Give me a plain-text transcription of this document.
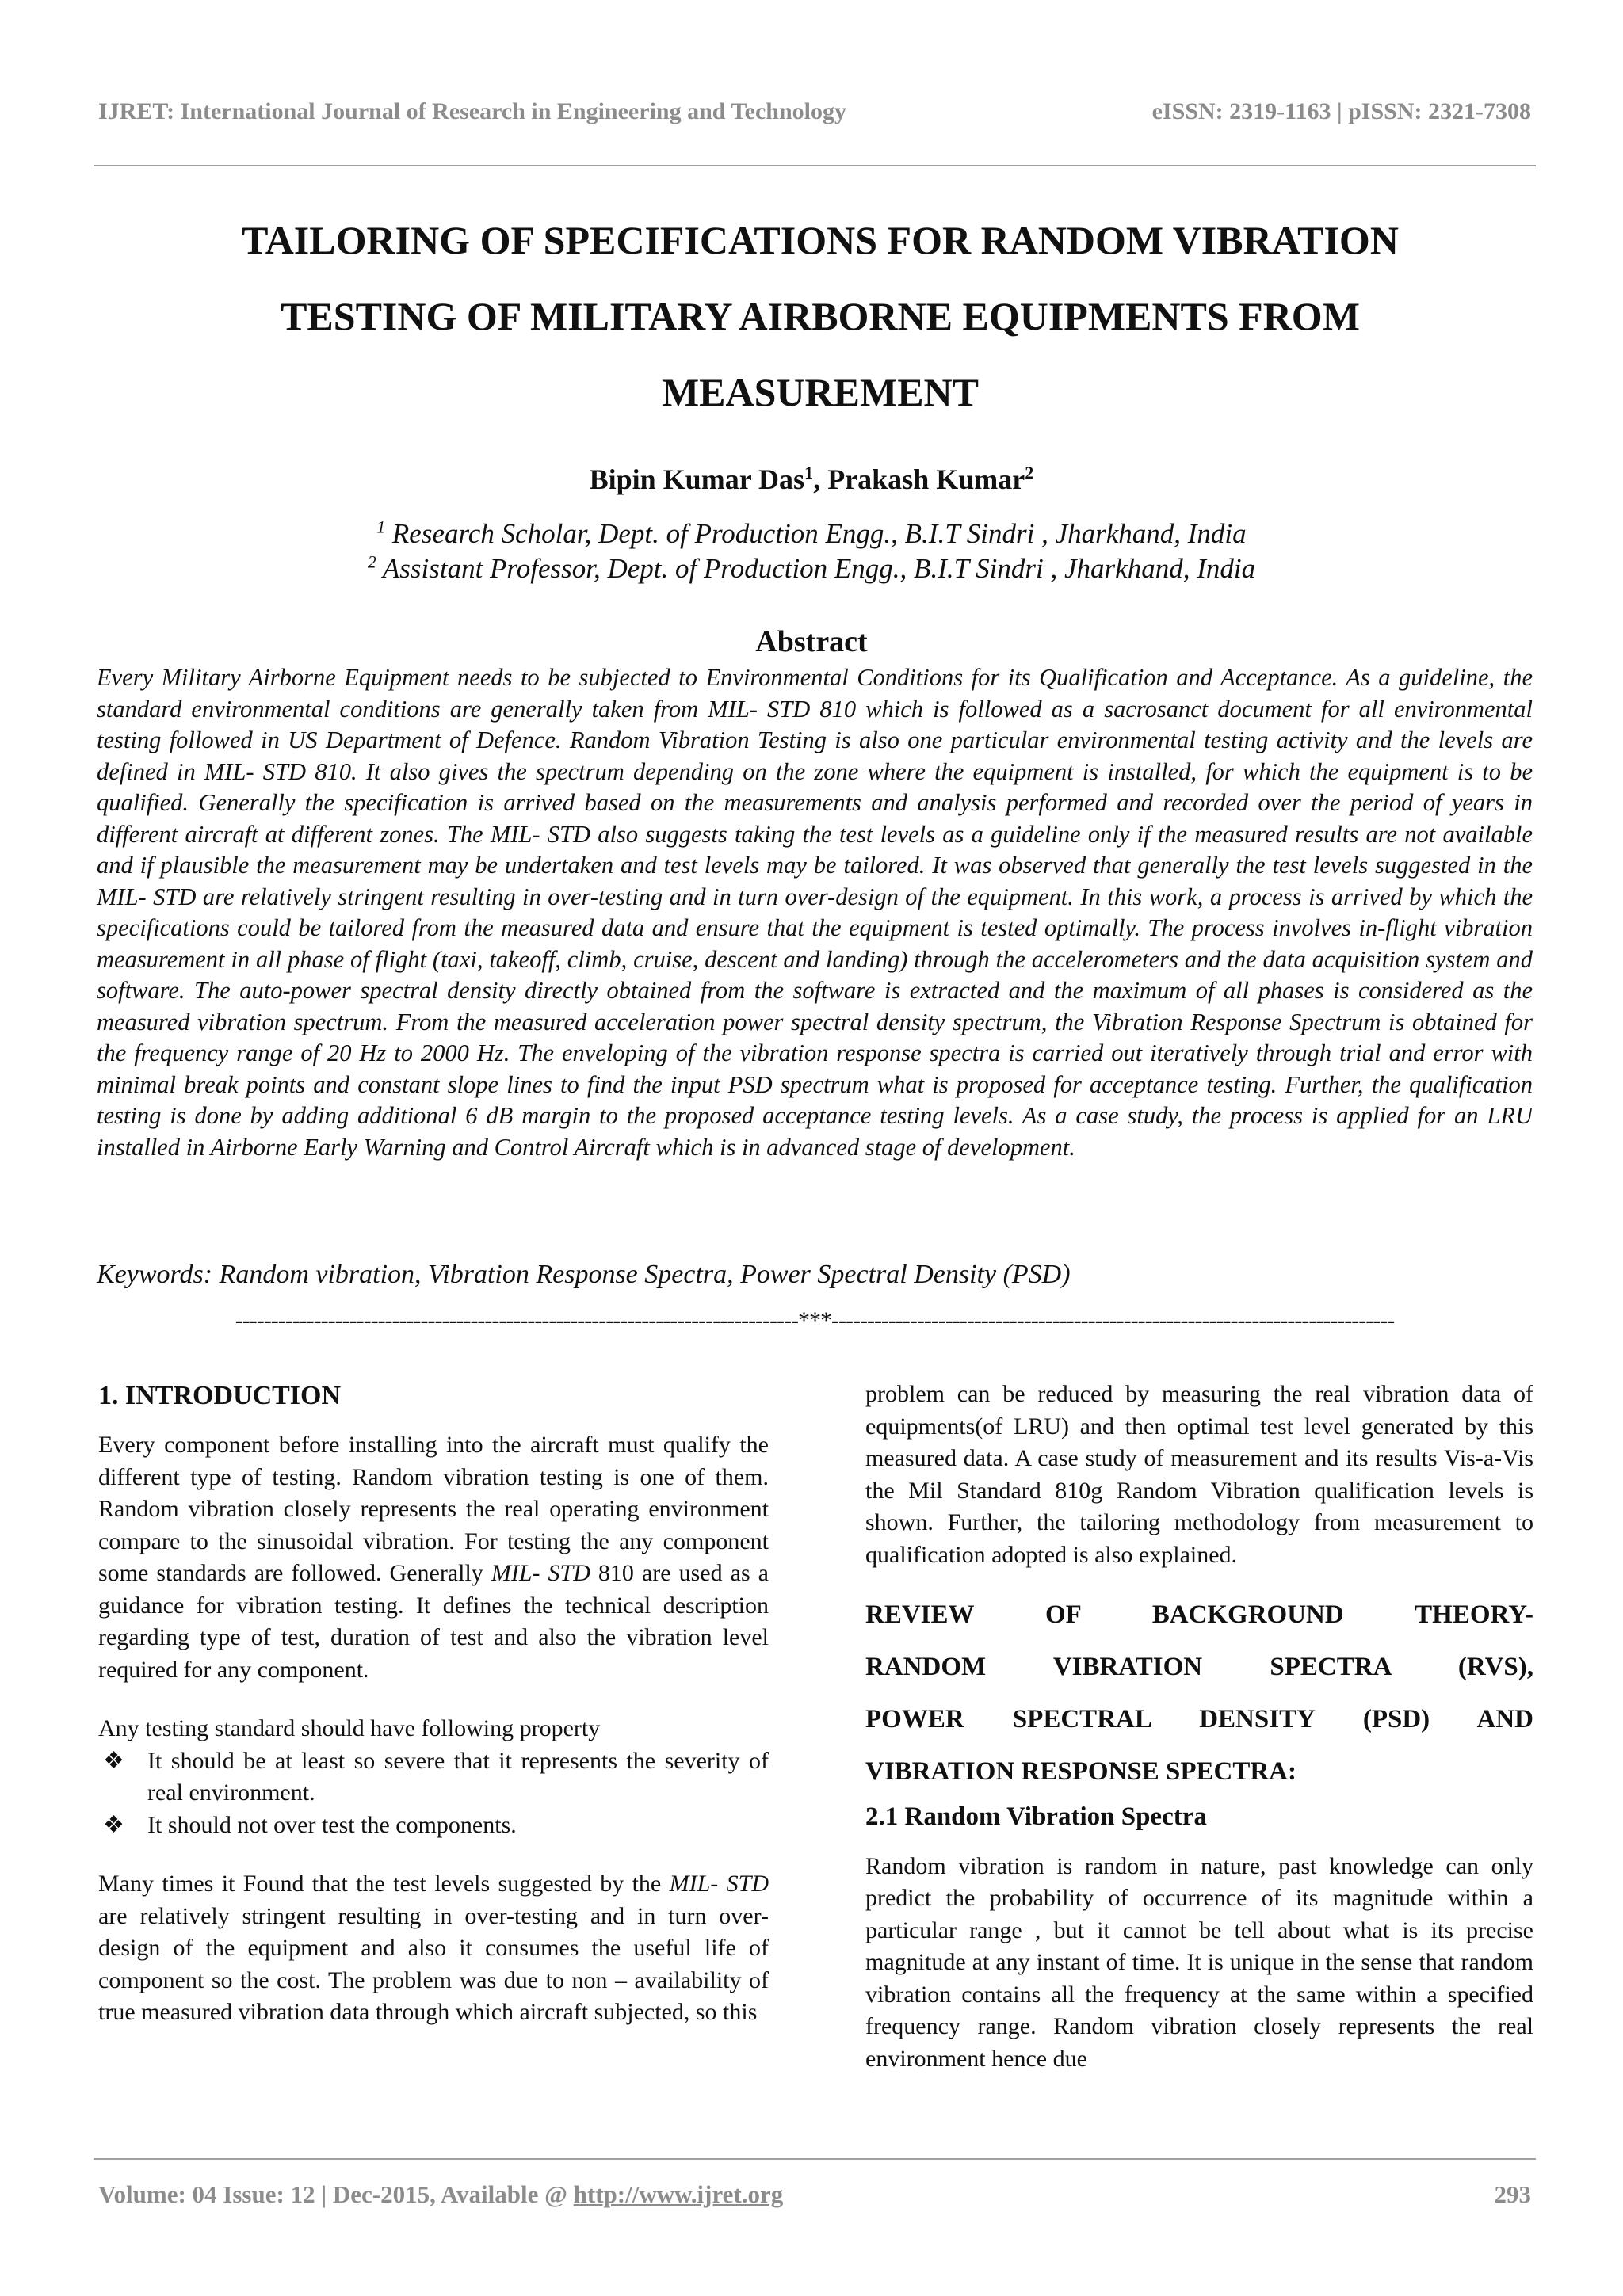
IJRET: International Journal of Research in Engineering and Technology	eISSN: 2319-1163 | pISSN: 2321-7308
TAILORING OF SPECIFICATIONS FOR RANDOM VIBRATION
TESTING OF MILITARY AIRBORNE EQUIPMENTS FROM
MEASUREMENT
Bipin Kumar Das$^1$, Prakash Kumar$^2$
$^1$ Research Scholar, Dept. of Production Engg., B.I.T Sindri , Jharkhand, India
$^2$ Assistant Professor, Dept. of Production Engg., B.I.T Sindri , Jharkhand, India
Abstract
Every Military Airborne Equipment needs to be subjected to Environmental Conditions for its Qualification and Acceptance. As a guideline, the standard environmental conditions are generally taken from MIL- STD 810 which is followed as a sacrosanct document for all environmental testing followed in US Department of Defence. Random Vibration Testing is also one particular environmental testing activity and the levels are defined in MIL- STD 810. It also gives the spectrum depending on the zone where the equipment is installed, for which the equipment is to be qualified. Generally the specification is arrived based on the measurements and analysis performed and recorded over the period of years in different aircraft at different zones. The MIL- STD also suggests taking the test levels as a guideline only if the measured results are not available and if plausible the measurement may be undertaken and test levels may be tailored. It was observed that generally the test levels suggested in the MIL- STD are relatively stringent resulting in over-testing and in turn over-design of the equipment. In this work, a process is arrived by which the specifications could be tailored from the measured data and ensure that the equipment is tested optimally. The process involves in-flight vibration measurement in all phase of flight (taxi, takeoff, climb, cruise, descent and landing) through the accelerometers and the data acquisition system and software. The auto-power spectral density directly obtained from the software is extracted and the maximum of all phases is considered as the measured vibration spectrum. From the measured acceleration power spectral density spectrum, the Vibration Response Spectrum is obtained for the frequency range of 20 Hz to 2000 Hz. The enveloping of the vibration response spectra is carried out iteratively through trial and error with minimal break points and constant slope lines to find the input PSD spectrum what is proposed for acceptance testing. Further, the qualification testing is done by adding additional 6 dB margin to the proposed acceptance testing levels. As a case study, the process is applied for an LRU installed in Airborne Early Warning and Control Aircraft which is in advanced stage of development.
Keywords: Random vibration, Vibration Response Spectra, Power Spectral Density (PSD)
-------------------------------------------------------------------------------***-------------------------------------------------------------------------------
1. INTRODUCTION

Every component before installing into the aircraft must qualify the different type of testing. Random vibration testing is one of them. Random vibration closely represents the real operating environment compare to the sinusoidal vibration. For testing the any component some standards are followed. Generally MIL- STD 810 are used as a guidance for vibration testing. It defines the technical description regarding type of test, duration of test and also the vibration level required for any component.

Any testing standard should have following property
❖ It should be at least so severe that it represents the severity of real environment.
❖ It should not over test the components.

Many times it Found that the test levels suggested by the MIL- STD are relatively stringent resulting in over-testing and in turn over-design of the equipment and also it consumes the useful life of component so the cost. The problem was due to non – availability of true measured vibration data through which aircraft subjected, so this

problem can be reduced by measuring the real vibration data of equipments(of LRU) and then optimal test level generated by this measured data. A case study of measurement and its results Vis-a-Vis the Mil Standard 810g Random Vibration qualification levels is shown. Further, the tailoring methodology from measurement to qualification adopted is also explained.

REVIEW OF BACKGROUND THEORY-
RANDOM VIBRATION SPECTRA (RVS),
POWER SPECTRAL DENSITY (PSD) AND
VIBRATION RESPONSE SPECTRA:
2.1 Random Vibration Spectra

Random vibration is random in nature, past knowledge can only predict the probability of occurrence of its magnitude within a particular range , but it cannot be tell about what is its precise magnitude at any instant of time. It is unique in the sense that random vibration contains all the frequency at the same within a specified frequency range. Random vibration closely represents the real environment hence due

Volume: 04 Issue: 12 | Dec-2015, Available @ http://www.ijret.org	293
